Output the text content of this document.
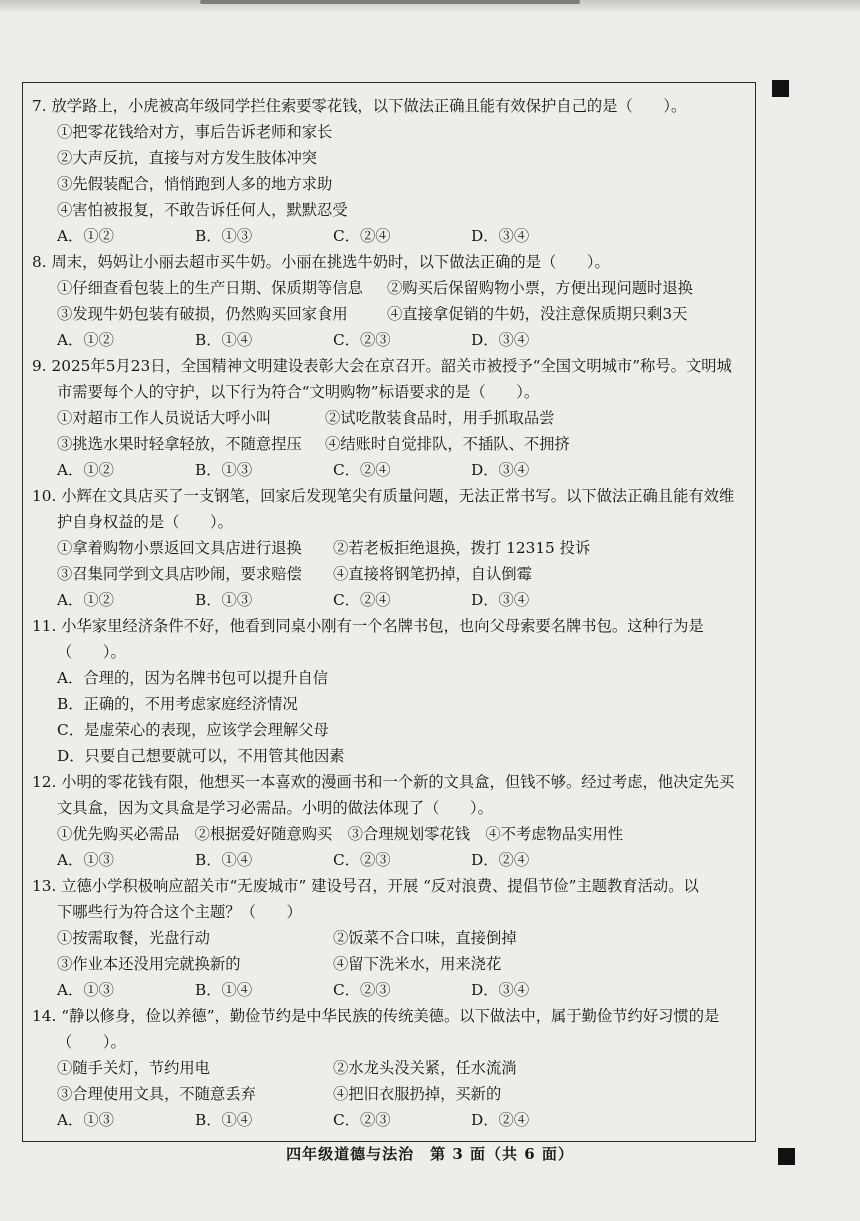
7. 放学路上，小虎被高年级同学拦住索要零花钱，以下做法正确且能有效保护自己的是（　　）。
①把零花钱给对方，事后告诉老师和家长
②大声反抗，直接与对方发生肢体冲突
③先假装配合，悄悄跑到人多的地方求助
④害怕被报复，不敢告诉任何人，默默忍受
A．①②	B．①③	C．②④	D．③④
8. 周末，妈妈让小丽去超市买牛奶。小丽在挑选牛奶时，以下做法正确的是（　　）。
①仔细查看包装上的生产日期、保质期等信息	②购买后保留购物小票，方便出现问题时退换
③发现牛奶包装有破损，仍然购买回家食用	④直接拿促销的牛奶，没注意保质期只剩3天
A．①②	B．①④	C．②③	D．③④
9. 2025年5月23日，全国精神文明建设表彰大会在京召开。韶关市被授予“全国文明城市”称号。文明城
市需要每个人的守护，以下行为符合“文明购物”标语要求的是（　　）。
①对超市工作人员说话大呼小叫	②试吃散装食品时，用手抓取品尝
③挑选水果时轻拿轻放，不随意捏压	④结账时自觉排队，不插队、不拥挤
A．①②	B．①③	C．②④	D．③④
10. 小辉在文具店买了一支钢笔，回家后发现笔尖有质量问题，无法正常书写。以下做法正确且能有效维
护自身权益的是（　　）。
①拿着购物小票返回文具店进行退换	②若老板拒绝退换，拨打 12315 投诉
③召集同学到文具店吵闹，要求赔偿	④直接将钢笔扔掉，自认倒霉
A．①②	B．①③	C．②④	D．③④
11. 小华家里经济条件不好，他看到同桌小刚有一个名牌书包，也向父母索要名牌书包。这种行为是
（　　）。
A．合理的，因为名牌书包可以提升自信
B．正确的，不用考虑家庭经济情况
C．是虚荣心的表现，应该学会理解父母
D．只要自己想要就可以，不用管其他因素
12. 小明的零花钱有限，他想买一本喜欢的漫画书和一个新的文具盒，但钱不够。经过考虑，他决定先买
文具盒，因为文具盒是学习必需品。小明的做法体现了（　　）。
①优先购买必需品　②根据爱好随意购买　③合理规划零花钱　④不考虑物品实用性
A．①③	B．①④	C．②③	D．②④
13. 立德小学积极响应韶关市“无废城市” 建设号召，开展 “反对浪费、提倡节俭”主题教育活动。以
下哪些行为符合这个主题？（　　）
①按需取餐，光盘行动	②饭菜不合口味，直接倒掉
③作业本还没用完就换新的	④留下洗米水，用来浇花
A．①③	B．①④	C．②③	D．③④
14. “静以修身，俭以养德”，勤俭节约是中华民族的传统美德。以下做法中，属于勤俭节约好习惯的是
（　　）。
①随手关灯，节约用电	②水龙头没关紧，任水流淌
③合理使用文具，不随意丢弃	④把旧衣服扔掉，买新的
A．①③	B．①④	C．②③	D．②④
四年级道德与法治　第 3 面（共 6 面）
